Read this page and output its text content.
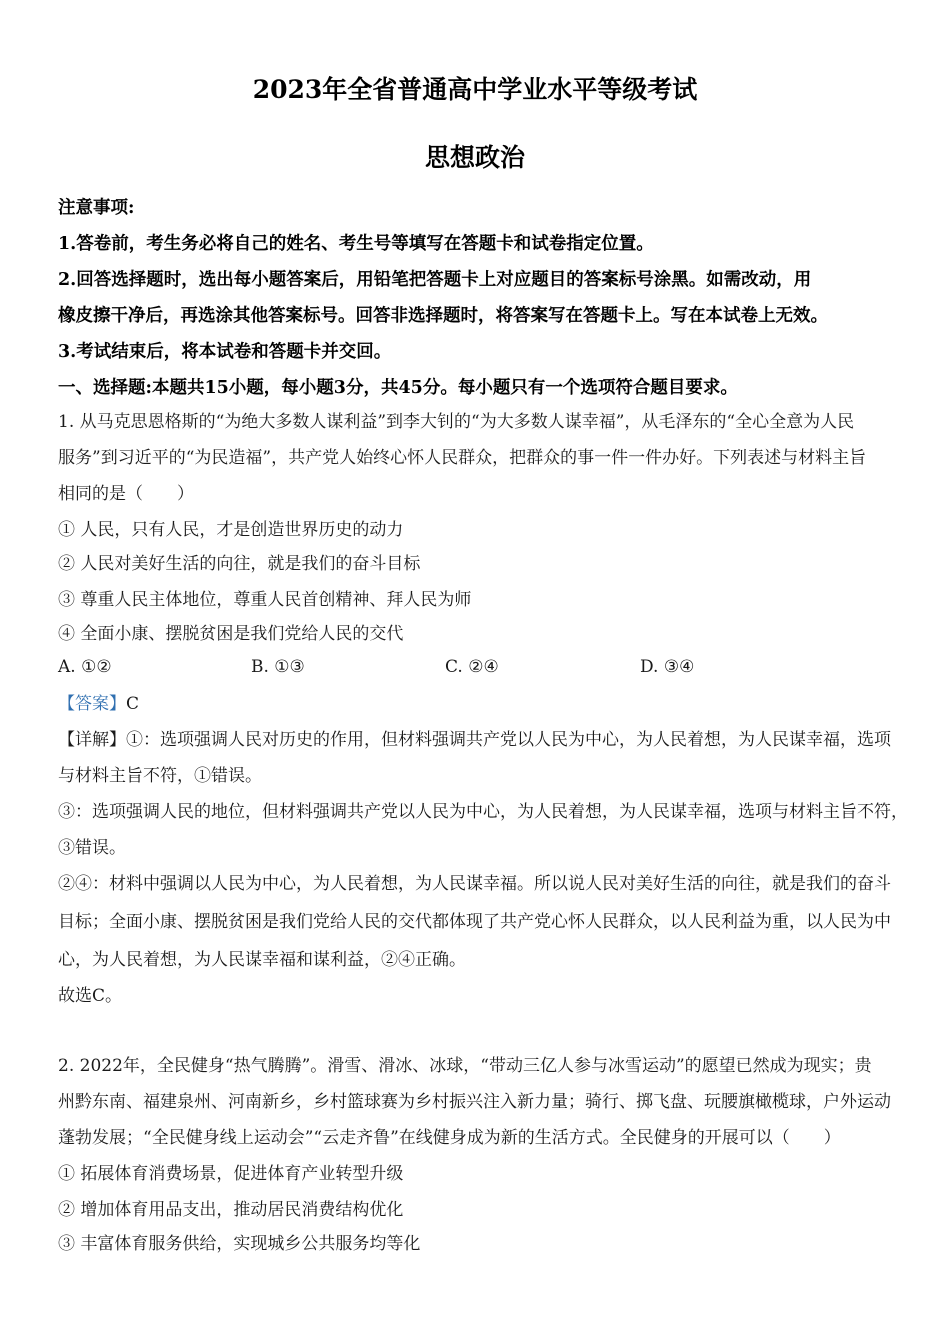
2023年全省普通高中学业水平等级考试
思想政治
注意事项:
1.答卷前，考生务必将自己的姓名、考生号等填写在答题卡和试卷指定位置。
2.回答选择题时，选出每小题答案后，用铅笔把答题卡上对应题目的答案标号涂黑。如需改动，用
橡皮擦干净后，再选涂其他答案标号。回答非选择题时，将答案写在答题卡上。写在本试卷上无效。
3.考试结束后，将本试卷和答题卡并交回。
一、选择题:本题共15小题，每小题3分，共45分。每小题只有一个选项符合题目要求。
1. 从马克思恩格斯的“为绝大多数人谋利益”到李大钊的“为大多数人谋幸福”，从毛泽东的“全心全意为人民
服务”到习近平的“为民造福”，共产党人始终心怀人民群众，把群众的事一件一件办好。下列表述与材料主旨
相同的是（　　）
① 人民，只有人民，才是创造世界历史的动力
② 人民对美好生活的向往，就是我们的奋斗目标
③ 尊重人民主体地位，尊重人民首创精神、拜人民为师
④ 全面小康、摆脱贫困是我们党给人民的交代
A. ①②	B. ①③	C. ②④	D. ③④
【答案】C
【详解】①：选项强调人民对历史的作用，但材料强调共产党以人民为中心，为人民着想，为人民谋幸福，选项
与材料主旨不符，①错误。
③：选项强调人民的地位，但材料强调共产党以人民为中心，为人民着想，为人民谋幸福，选项与材料主旨不符，
③错误。
②④：材料中强调以人民为中心，为人民着想，为人民谋幸福。所以说人民对美好生活的向往，就是我们的奋斗
目标；全面小康、摆脱贫困是我们党给人民的交代都体现了共产党心怀人民群众，以人民利益为重，以人民为中
心，为人民着想，为人民谋幸福和谋利益，②④正确。
故选C。
2. 2022年，全民健身“热气腾腾”。滑雪、滑冰、冰球，“带动三亿人参与冰雪运动”的愿望已然成为现实；贵
州黔东南、福建泉州、河南新乡，乡村篮球赛为乡村振兴注入新力量；骑行、掷飞盘、玩腰旗橄榄球，户外运动
蓬勃发展；“全民健身线上运动会”“云走齐鲁”在线健身成为新的生活方式。全民健身的开展可以（　　）
① 拓展体育消费场景，促进体育产业转型升级
② 增加体育用品支出，推动居民消费结构优化
③ 丰富体育服务供给，实现城乡公共服务均等化
